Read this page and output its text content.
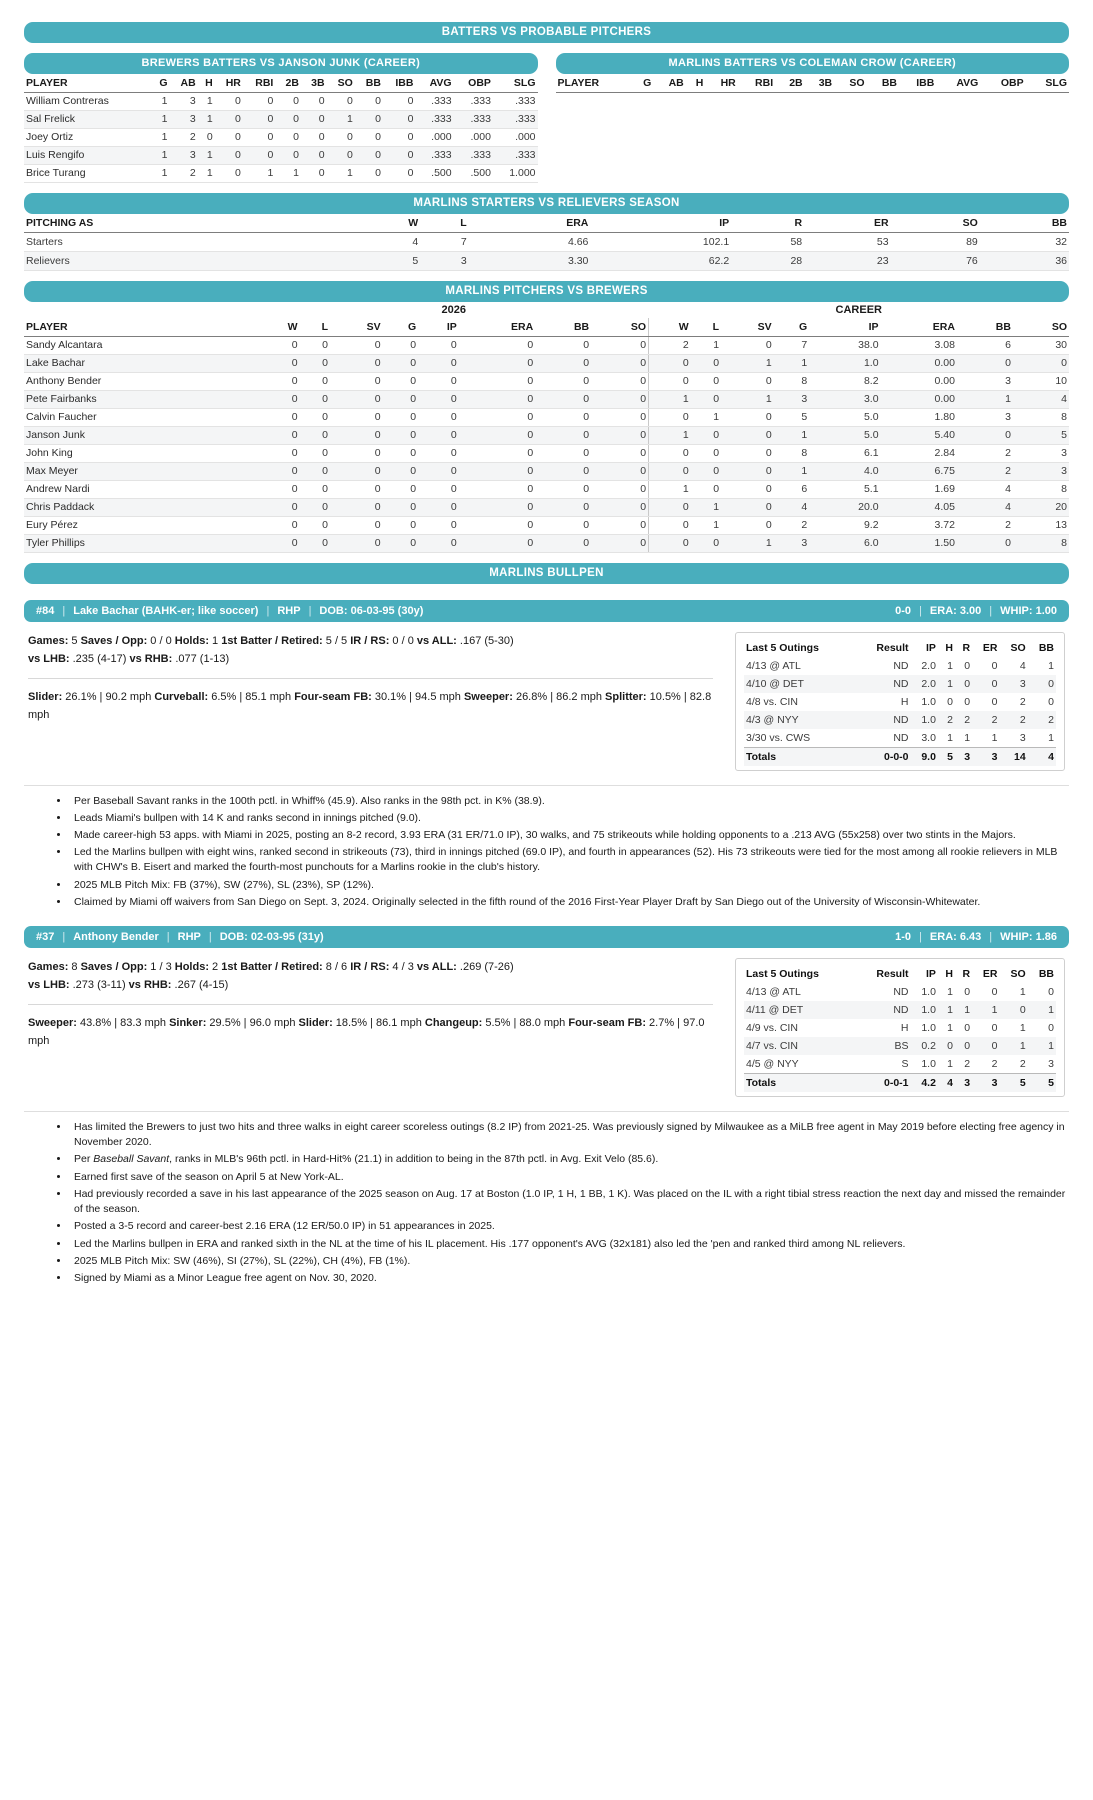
BATTERS VS PROBABLE PITCHERS
BREWERS BATTERS VS JANSON JUNK (CAREER)
PLAYER	G	AB	H	HR	RBI	2B	3B	SO	BB	IBB	AVG	OBP	SLG
William Contreras	1	3	1	0	0	0	0	0	0	0	.333	.333	.333
Sal Frelick	1	3	1	0	0	0	0	1	0	0	.333	.333	.333
Joey Ortiz	1	2	0	0	0	0	0	0	0	0	.000	.000	.000
Luis Rengifo	1	3	1	0	0	0	0	0	0	0	.333	.333	.333
Brice Turang	1	2	1	0	1	1	0	1	0	0	.500	.500	1.000
MARLINS BATTERS VS COLEMAN CROW (CAREER)
PLAYER	G	AB	H	HR	RBI	2B	3B	SO	BB	IBB	AVG	OBP	SLG
MARLINS STARTERS VS RELIEVERS SEASON
PITCHING AS	W	L	ERA	IP	R	ER	SO	BB
Starters	4	7	4.66	102.1	58	53	89	32
Relievers	5	3	3.30	62.2	28	23	76	36
MARLINS PITCHERS VS BREWERS
	2026								CAREER							
PLAYER	W	L	SV	G	IP	ERA	BB	SO	W	L	SV	G	IP	ERA	BB	SO
Sandy Alcantara	0	0	0	0	0	0	0	0	2	1	0	7	38.0	3.08	6	30
Lake Bachar	0	0	0	0	0	0	0	0	0	0	1	1	1.0	0.00	0	0
Anthony Bender	0	0	0	0	0	0	0	0	0	0	0	8	8.2	0.00	3	10
Pete Fairbanks	0	0	0	0	0	0	0	0	1	0	1	3	3.0	0.00	1	4
Calvin Faucher	0	0	0	0	0	0	0	0	0	1	0	5	5.0	1.80	3	8
Janson Junk	0	0	0	0	0	0	0	0	1	0	0	1	5.0	5.40	0	5
John King	0	0	0	0	0	0	0	0	0	0	0	8	6.1	2.84	2	3
Max Meyer	0	0	0	0	0	0	0	0	0	0	0	1	4.0	6.75	2	3
Andrew Nardi	0	0	0	0	0	0	0	0	1	0	0	6	5.1	1.69	4	8
Chris Paddack	0	0	0	0	0	0	0	0	0	1	0	4	20.0	4.05	4	20
Eury Pérez	0	0	0	0	0	0	0	0	0	1	0	2	9.2	3.72	2	13
Tyler Phillips	0	0	0	0	0	0	0	0	0	0	1	3	6.0	1.50	0	8
MARLINS BULLPEN
#84 | Lake Bachar (BAHK-er; like soccer) | RHP | DOB: 06-03-95 (30y)	0-0 | ERA: 3.00 | WHIP: 1.00
Games: 5 Saves / Opp: 0 / 0 Holds: 1 1st Batter / Retired: 5 / 5 IR / RS: 0 / 0 vs ALL: .167 (5-30)
vs LHB: .235 (4-17) vs RHB: .077 (1-13)
Slider: 26.1% | 90.2 mph Curveball: 6.5% | 85.1 mph Four-seam FB: 30.1% | 94.5 mph Sweeper: 26.8% | 86.2 mph Splitter: 10.5% | 82.8 mph
Last 5 Outings	Result	IP	H	R	ER	SO	BB
4/13 @ ATL	ND	2.0	1	0	0	4	1
4/10 @ DET	ND	2.0	1	0	0	3	0
4/8 vs. CIN	H	1.0	0	0	0	2	0
4/3 @ NYY	ND	1.0	2	2	2	2	2
3/30 vs. CWS	ND	3.0	1	1	1	3	1
Totals	0-0-0	9.0	5	3	3	14	4
• Per Baseball Savant ranks in the 100th pctl. in Whiff% (45.9). Also ranks in the 98th pct. in K% (38.9).
• Leads Miami's bullpen with 14 K and ranks second in innings pitched (9.0).
• Made career-high 53 apps. with Miami in 2025, posting an 8-2 record, 3.93 ERA (31 ER/71.0 IP), 30 walks, and 75 strikeouts while holding opponents to a .213 AVG (55x258) over two stints in the Majors.
• Led the Marlins bullpen with eight wins, ranked second in strikeouts (73), third in innings pitched (69.0 IP), and fourth in appearances (52). His 73 strikeouts were tied for the most among all rookie relievers in MLB with CHW's B. Eisert and marked the fourth-most punchouts for a Marlins rookie in the club's history.
• 2025 MLB Pitch Mix: FB (37%), SW (27%), SL (23%), SP (12%).
• Claimed by Miami off waivers from San Diego on Sept. 3, 2024. Originally selected in the fifth round of the 2016 First-Year Player Draft by San Diego out of the University of Wisconsin-Whitewater.
#37 | Anthony Bender | RHP | DOB: 02-03-95 (31y)	1-0 | ERA: 6.43 | WHIP: 1.86
Games: 8 Saves / Opp: 1 / 3 Holds: 2 1st Batter / Retired: 8 / 6 IR / RS: 4 / 3 vs ALL: .269 (7-26)
vs LHB: .273 (3-11) vs RHB: .267 (4-15)
Sweeper: 43.8% | 83.3 mph Sinker: 29.5% | 96.0 mph Slider: 18.5% | 86.1 mph Changeup: 5.5% | 88.0 mph Four-seam FB: 2.7% | 97.0 mph
Last 5 Outings	Result	IP	H	R	ER	SO	BB
4/13 @ ATL	ND	1.0	1	0	0	1	0
4/11 @ DET	ND	1.0	1	1	1	0	1
4/9 vs. CIN	H	1.0	1	0	0	1	0
4/7 vs. CIN	BS	0.2	0	0	0	1	1
4/5 @ NYY	S	1.0	1	2	2	2	3
Totals	0-0-1	4.2	4	3	3	5	5
• Has limited the Brewers to just two hits and three walks in eight career scoreless outings (8.2 IP) from 2021-25. Was previously signed by Milwaukee as a MiLB free agent in May 2019 before electing free agency in November 2020.
• Per Baseball Savant, ranks in MLB's 96th pctl. in Hard-Hit% (21.1) in addition to being in the 87th pctl. in Avg. Exit Velo (85.6).
• Earned first save of the season on April 5 at New York-AL.
• Had previously recorded a save in his last appearance of the 2025 season on Aug. 17 at Boston (1.0 IP, 1 H, 1 BB, 1 K). Was placed on the IL with a right tibial stress reaction the next day and missed the remainder of the season.
• Posted a 3-5 record and career-best 2.16 ERA (12 ER/50.0 IP) in 51 appearances in 2025.
• Led the Marlins bullpen in ERA and ranked sixth in the NL at the time of his IL placement. His .177 opponent's AVG (32x181) also led the 'pen and ranked third among NL relievers.
• 2025 MLB Pitch Mix: SW (46%), SI (27%), SL (22%), CH (4%), FB (1%).
• Signed by Miami as a Minor League free agent on Nov. 30, 2020.
